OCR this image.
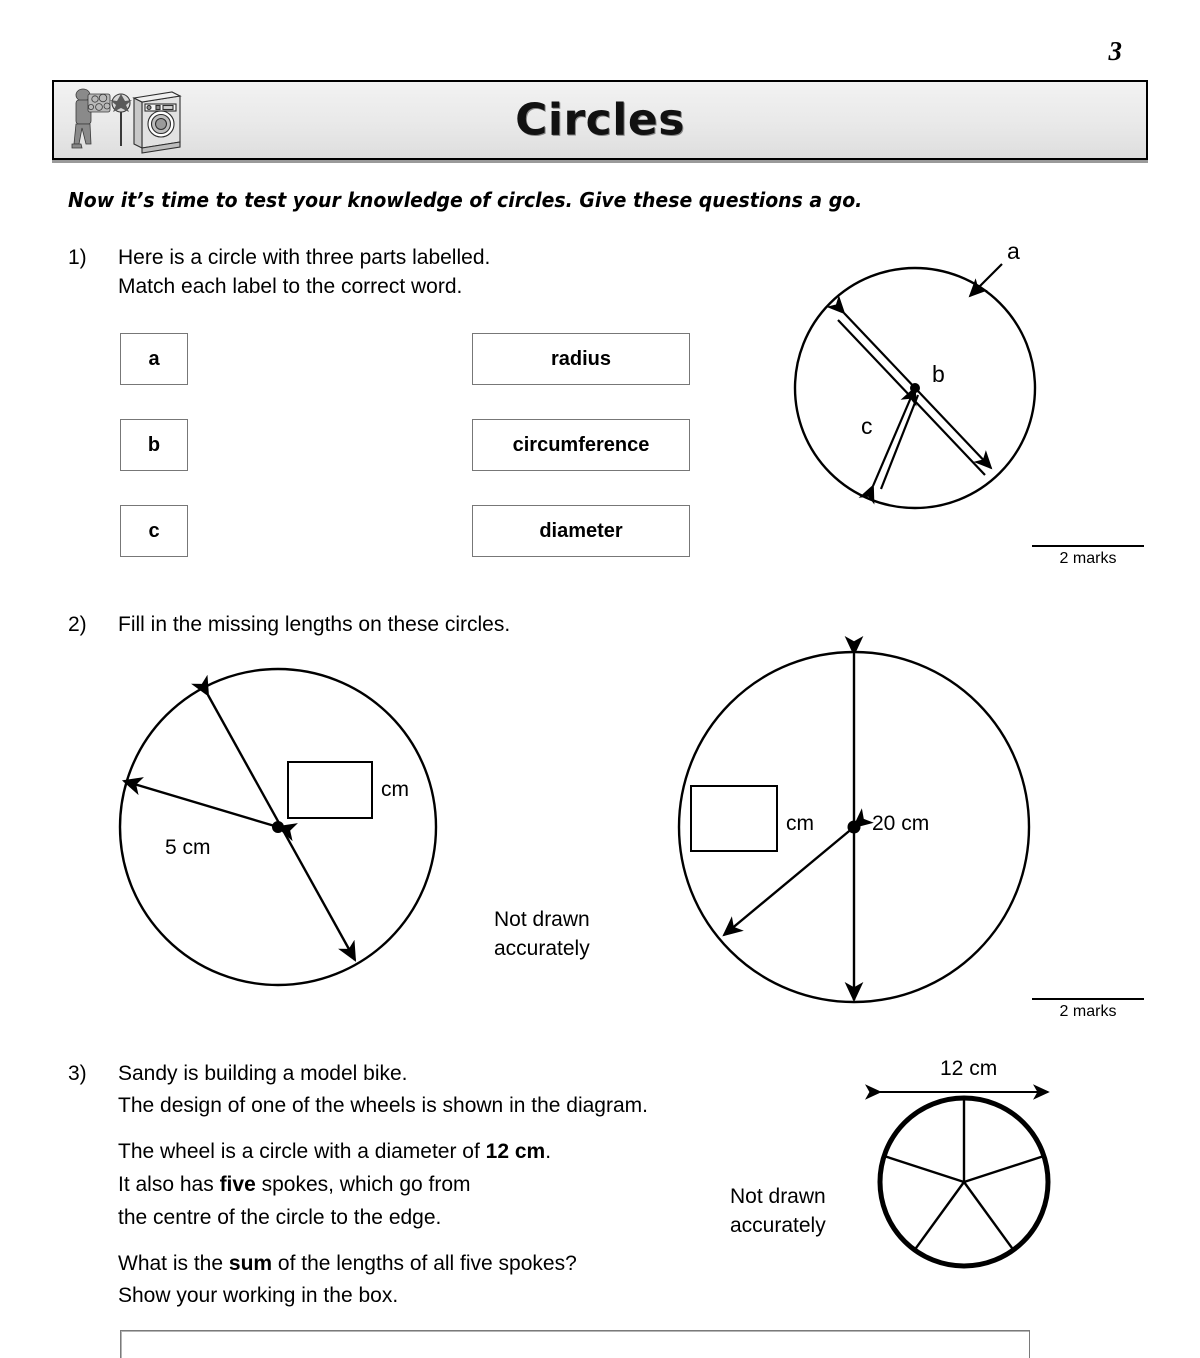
3
Circles
Now it’s time to test your knowledge of circles. Give these questions a go.
1) Here is a circle with three parts labelled.
Match each label to the correct word.
a
b
c
radius
circumference
diameter
a
b
c
2 marks
2) Fill in the missing lengths on these circles.
cm
5 cm
cm	20 cm
Not drawn
accurately
2 marks
3) Sandy is building a model bike.
The design of one of the wheels is shown in the diagram.
The wheel is a circle with a diameter of 12 cm.
It also has five spokes, which go from
the centre of the circle to the edge.
What is the sum of the lengths of all five spokes?
Show your working in the box.
Not drawn
accurately
12 cm
